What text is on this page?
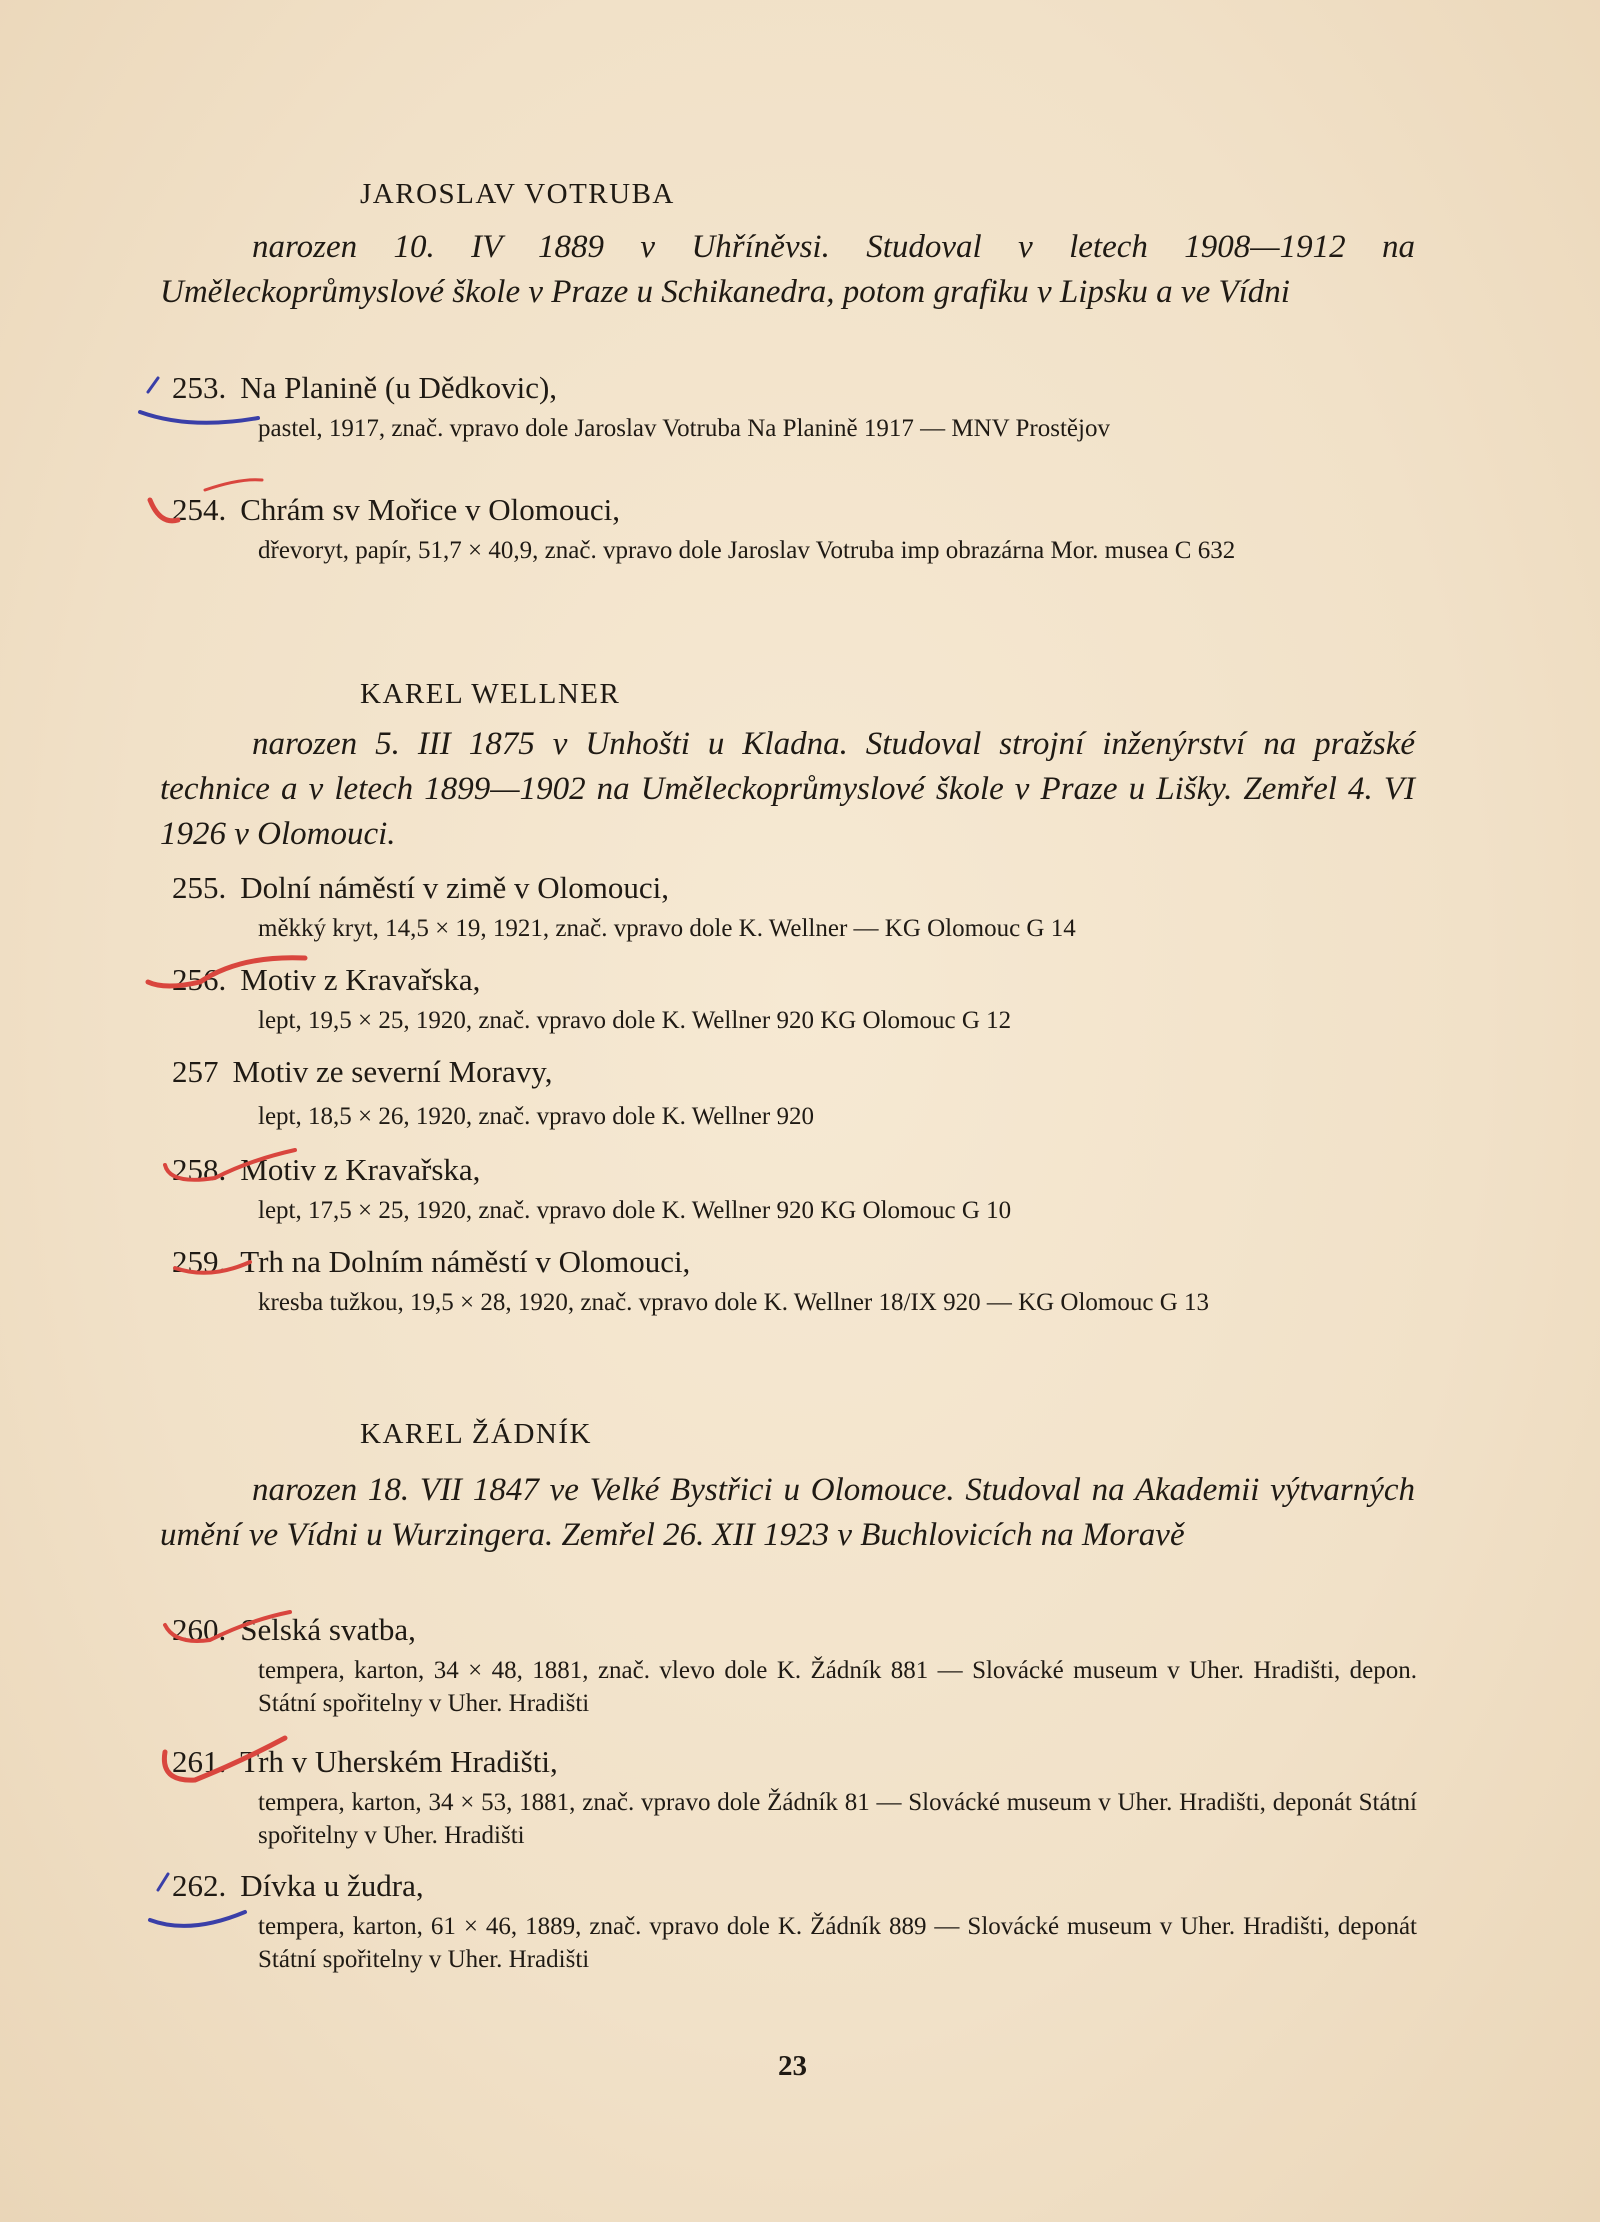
JAROSLAV VOTRUBA
narozen 10. IV 1889 v Uhříněvsi. Studoval v letech 1908—1912 na Uměleckoprůmyslové škole v Praze u Schikanedra, potom grafiku v Lipsku a ve Vídni
253. Na Planině (u Dědkovic),
pastel, 1917, znač. vpravo dole Jaroslav Votruba Na Planině 1917 — MNV Prostějov
254. Chrám sv Mořice v Olomouci,
dřevoryt, papír, 51,7 × 40,9, znač. vpravo dole Jaroslav Votruba imp obrazárna Mor. musea C 632
KAREL WELLNER
narozen 5. III 1875 v Unhošti u Kladna. Studoval strojní inženýrství na pražské technice a v letech 1899—1902 na Uměleckoprůmyslové škole v Praze u Lišky. Zemřel 4. VI 1926 v Olomouci.
255. Dolní náměstí v zimě v Olomouci,
měkký kryt, 14,5 × 19, 1921, znač. vpravo dole K. Wellner — KG Olomouc G 14
256. Motiv z Kravařska,
lept, 19,5 × 25, 1920, znač. vpravo dole K. Wellner 920 KG Olomouc G 12
257 Motiv ze severní Moravy,
lept, 18,5 × 26, 1920, znač. vpravo dole K. Wellner 920
258. Motiv z Kravařska,
lept, 17,5 × 25, 1920, znač. vpravo dole K. Wellner 920 KG Olomouc G 10
259. Trh na Dolním náměstí v Olomouci,
kresba tužkou, 19,5 × 28, 1920, znač. vpravo dole K. Wellner 18/IX 920 — KG Olomouc G 13
KAREL ŽÁDNÍK
narozen 18. VII 1847 ve Velké Bystřici u Olomouce. Studoval na Akademii výtvarných umění ve Vídni u Wurzingera. Zemřel 26. XII 1923 v Buchlovicích na Moravě
260. Selská svatba,
tempera, karton, 34 × 48, 1881, znač. vlevo dole K. Žádník 881 — Slovácké museum v Uher. Hradišti, depon. Státní spořitelny v Uher. Hradišti
261. Trh v Uherském Hradišti,
tempera, karton, 34 × 53, 1881, znač. vpravo dole Žádník 81 — Slovácké museum v Uher. Hradišti, deponát Státní spořitelny v Uher. Hradišti
262. Dívka u žudra,
tempera, karton, 61 × 46, 1889, znač. vpravo dole K. Žádník 889 — Slovácké museum v Uher. Hradišti, deponát Státní spořitelny v Uher. Hradišti
23
